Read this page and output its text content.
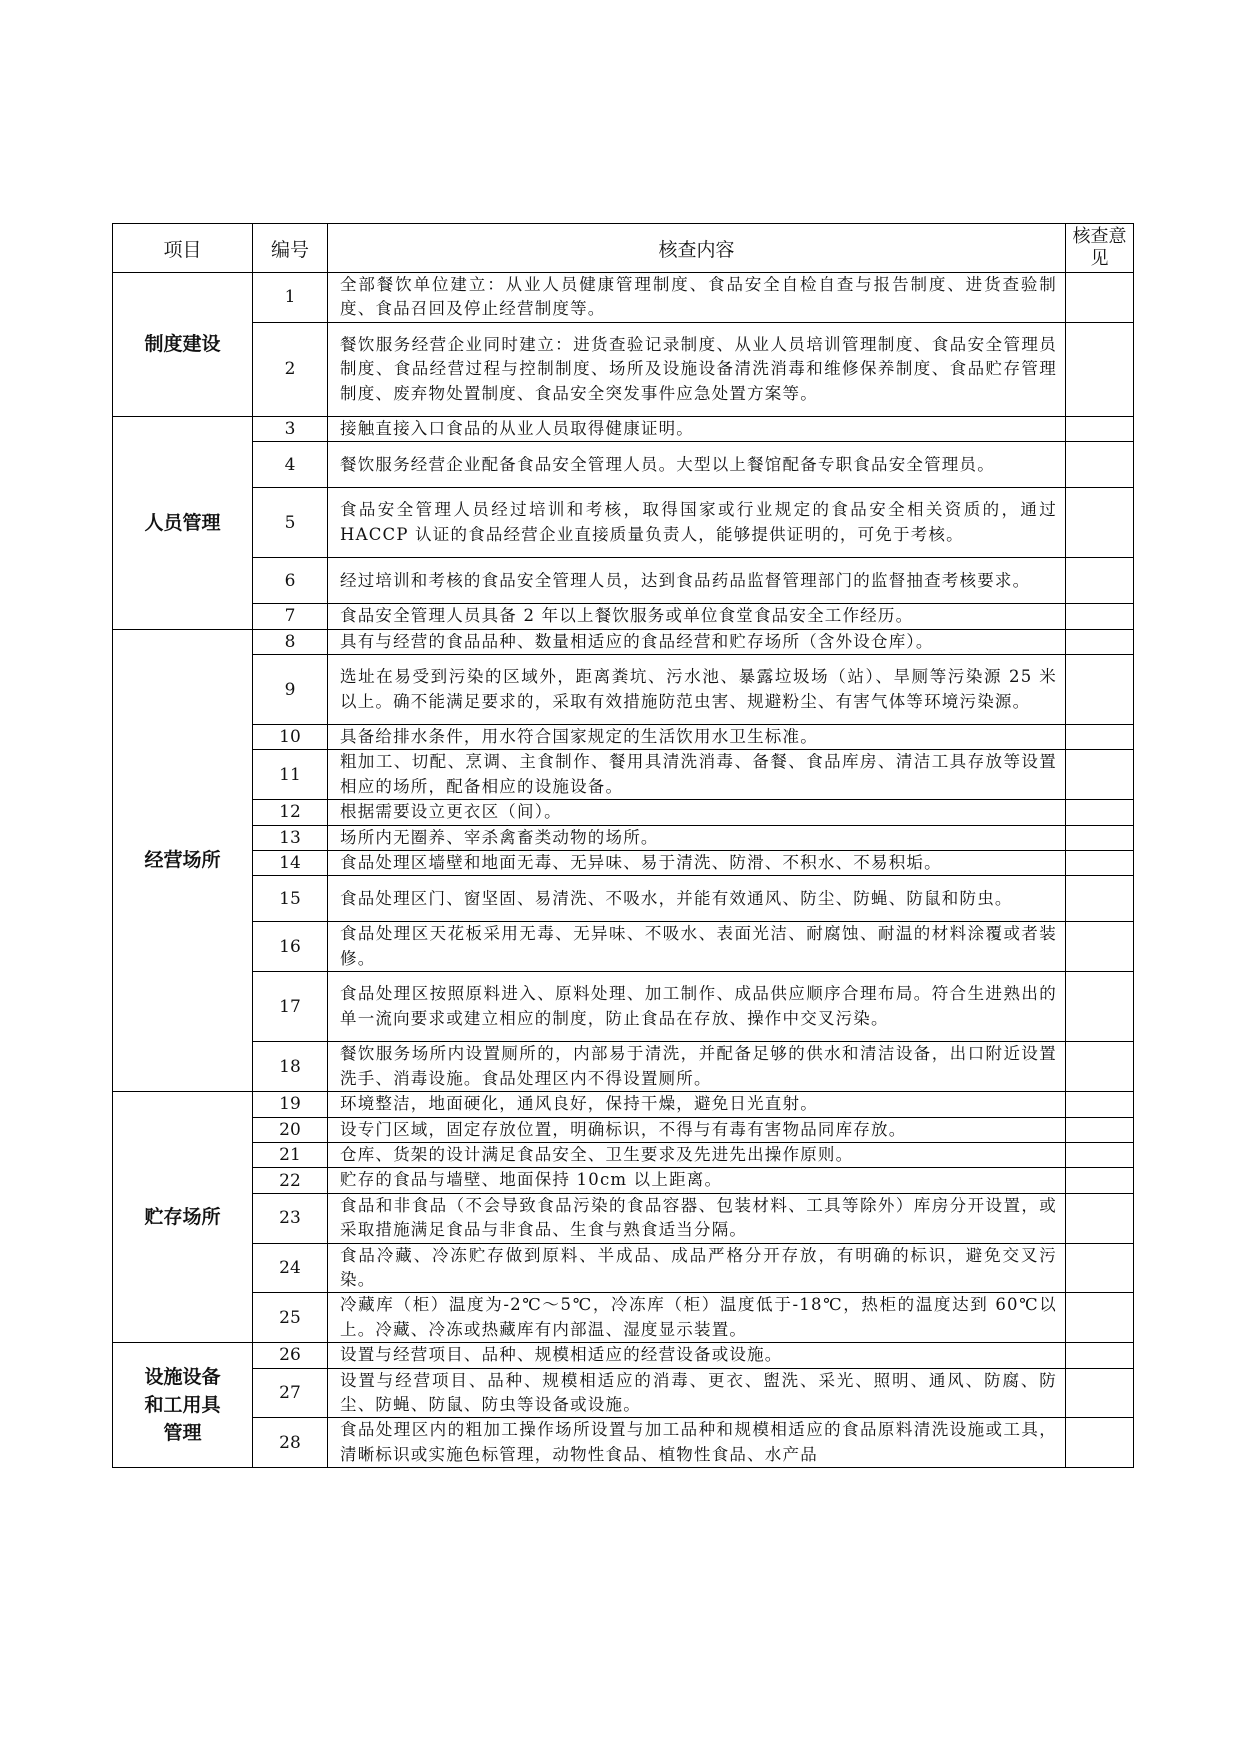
项目	编号	核查内容	核查意见
制度建设	1	全部餐饮单位建立：从业人员健康管理制度、食品安全自检自查与报告制度、进货查验制度、食品召回及停止经营制度等。	
	2	餐饮服务经营企业同时建立：进货查验记录制度、从业人员培训管理制度、食品安全管理员制度、食品经营过程与控制制度、场所及设施设备清洗消毒和维修保养制度、食品贮存管理制度、废弃物处置制度、食品安全突发事件应急处置方案等。	
人员管理	3	接触直接入口食品的从业人员取得健康证明。	
	4	餐饮服务经营企业配备食品安全管理人员。大型以上餐馆配备专职食品安全管理员。	
	5	食品安全管理人员经过培训和考核，取得国家或行业规定的食品安全相关资质的，通过 HACCP 认证的食品经营企业直接质量负责人，能够提供证明的，可免于考核。	
	6	经过培训和考核的食品安全管理人员，达到食品药品监督管理部门的监督抽查考核要求。	
	7	食品安全管理人员具备 2 年以上餐饮服务或单位食堂食品安全工作经历。	
经营场所	8	具有与经营的食品品种、数量相适应的食品经营和贮存场所（含外设仓库）。	
	9	选址在易受到污染的区域外，距离粪坑、污水池、暴露垃圾场（站）、旱厕等污染源 25 米以上。确不能满足要求的，采取有效措施防范虫害、规避粉尘、有害气体等环境污染源。	
	10	具备给排水条件，用水符合国家规定的生活饮用水卫生标准。	
	11	粗加工、切配、烹调、主食制作、餐用具清洗消毒、备餐、食品库房、清洁工具存放等设置相应的场所，配备相应的设施设备。	
	12	根据需要设立更衣区（间）。	
	13	场所内无圈养、宰杀禽畜类动物的场所。	
	14	食品处理区墙壁和地面无毒、无异味、易于清洗、防滑、不积水、不易积垢。	
	15	食品处理区门、窗坚固、易清洗、不吸水，并能有效通风、防尘、防蝇、防鼠和防虫。	
	16	食品处理区天花板采用无毒、无异味、不吸水、表面光洁、耐腐蚀、耐温的材料涂覆或者装修。	
	17	食品处理区按照原料进入、原料处理、加工制作、成品供应顺序合理布局。符合生进熟出的单一流向要求或建立相应的制度，防止食品在存放、操作中交叉污染。	
	18	餐饮服务场所内设置厕所的，内部易于清洗，并配备足够的供水和清洁设备，出口附近设置洗手、消毒设施。食品处理区内不得设置厕所。	
贮存场所	19	环境整洁，地面硬化，通风良好，保持干燥，避免日光直射。	
	20	设专门区域，固定存放位置，明确标识，不得与有毒有害物品同库存放。	
	21	仓库、货架的设计满足食品安全、卫生要求及先进先出操作原则。	
	22	贮存的食品与墙壁、地面保持 10cm 以上距离。	
	23	食品和非食品（不会导致食品污染的食品容器、包装材料、工具等除外）库房分开设置，或采取措施满足食品与非食品、生食与熟食适当分隔。	
	24	食品冷藏、冷冻贮存做到原料、半成品、成品严格分开存放，有明确的标识，避免交叉污染。	
	25	冷藏库（柜）温度为-2℃～5℃，冷冻库（柜）温度低于-18℃，热柜的温度达到 60℃以上。冷藏、冷冻或热藏库有内部温、湿度显示装置。	
设施设备和工用具管理	26	设置与经营项目、品种、规模相适应的经营设备或设施。	
	27	设置与经营项目、品种、规模相适应的消毒、更衣、盥洗、采光、照明、通风、防腐、防尘、防蝇、防鼠、防虫等设备或设施。	
	28	食品处理区内的粗加工操作场所设置与加工品种和规模相适应的食品原料清洗设施或工具，清晰标识或实施色标管理，动物性食品、植物性食品、水产品	
